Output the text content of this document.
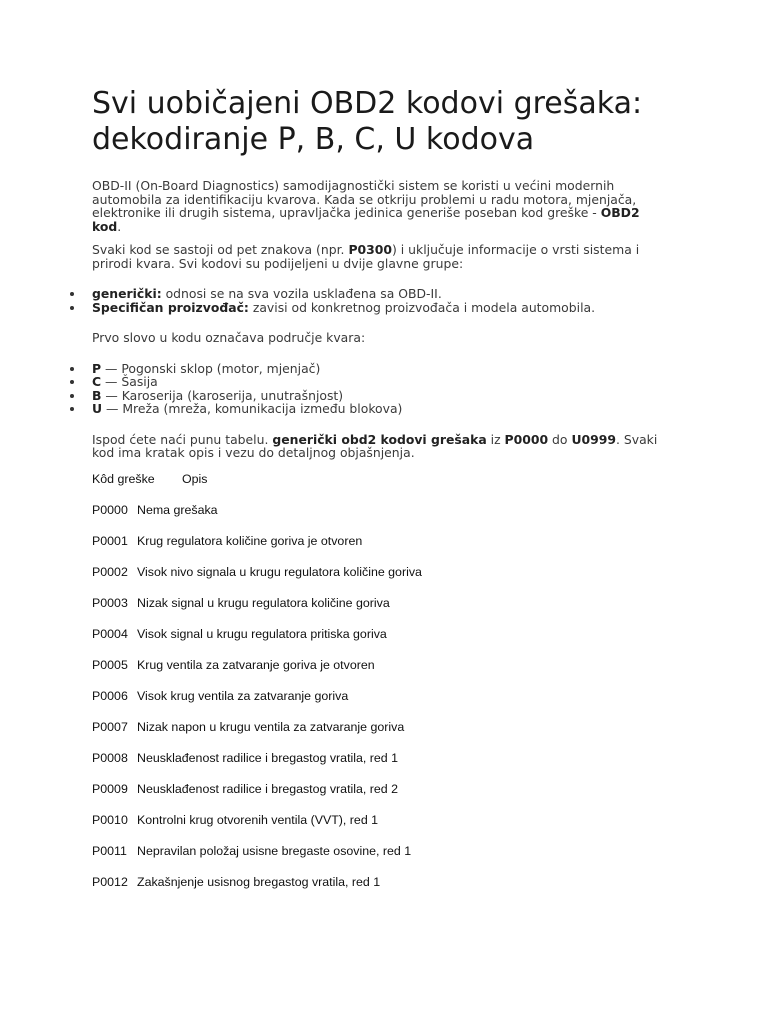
Svi uobičajeni OBD2 kodovi grešaka: dekodiranje P, B, C, U kodova

OBD-II (On-Board Diagnostics) samodijagnostički sistem se koristi u većini modernih automobila za identifikaciju kvarova. Kada se otkriju problemi u radu motora, mjenjača, elektronike ili drugih sistema, upravljačka jedinica generiše poseban kod greške - OBD2 kod.

Svaki kod se sastoji od pet znakova (npr. P0300) i uključuje informacije o vrsti sistema i prirodi kvara. Svi kodovi su podijeljeni u dvije glavne grupe:

generički: odnosi se na sva vozila usklađena sa OBD-II.
Specifičan proizvođač: zavisi od konkretnog proizvođača i modela automobila.

Prvo slovo u kodu označava područje kvara:

P — Pogonski sklop (motor, mjenjač)
C — Šasija
B — Karoserija (karoserija, unutrašnjost)
U — Mreža (mreža, komunikacija između blokova)

Ispod ćete naći punu tabelu. generički obd2 kodovi grešaka iz P0000 do U0999. Svaki kod ima kratak opis i vezu do detaljnog objašnjenja.

Kôd greške	Opis
P0000 Nema grešaka
P0001 Krug regulatora količine goriva je otvoren
P0002 Visok nivo signala u krugu regulatora količine goriva
P0003 Nizak signal u krugu regulatora količine goriva
P0004 Visok signal u krugu regulatora pritiska goriva
P0005 Krug ventila za zatvaranje goriva je otvoren
P0006 Visok krug ventila za zatvaranje goriva
P0007 Nizak napon u krugu ventila za zatvaranje goriva
P0008 Neusklađenost radilice i bregastog vratila, red 1
P0009 Neusklađenost radilice i bregastog vratila, red 2
P0010 Kontrolni krug otvorenih ventila (VVT), red 1
P0011 Nepravilan položaj usisne bregaste osovine, red 1
P0012 Zakašnjenje usisnog bregastog vratila, red 1
